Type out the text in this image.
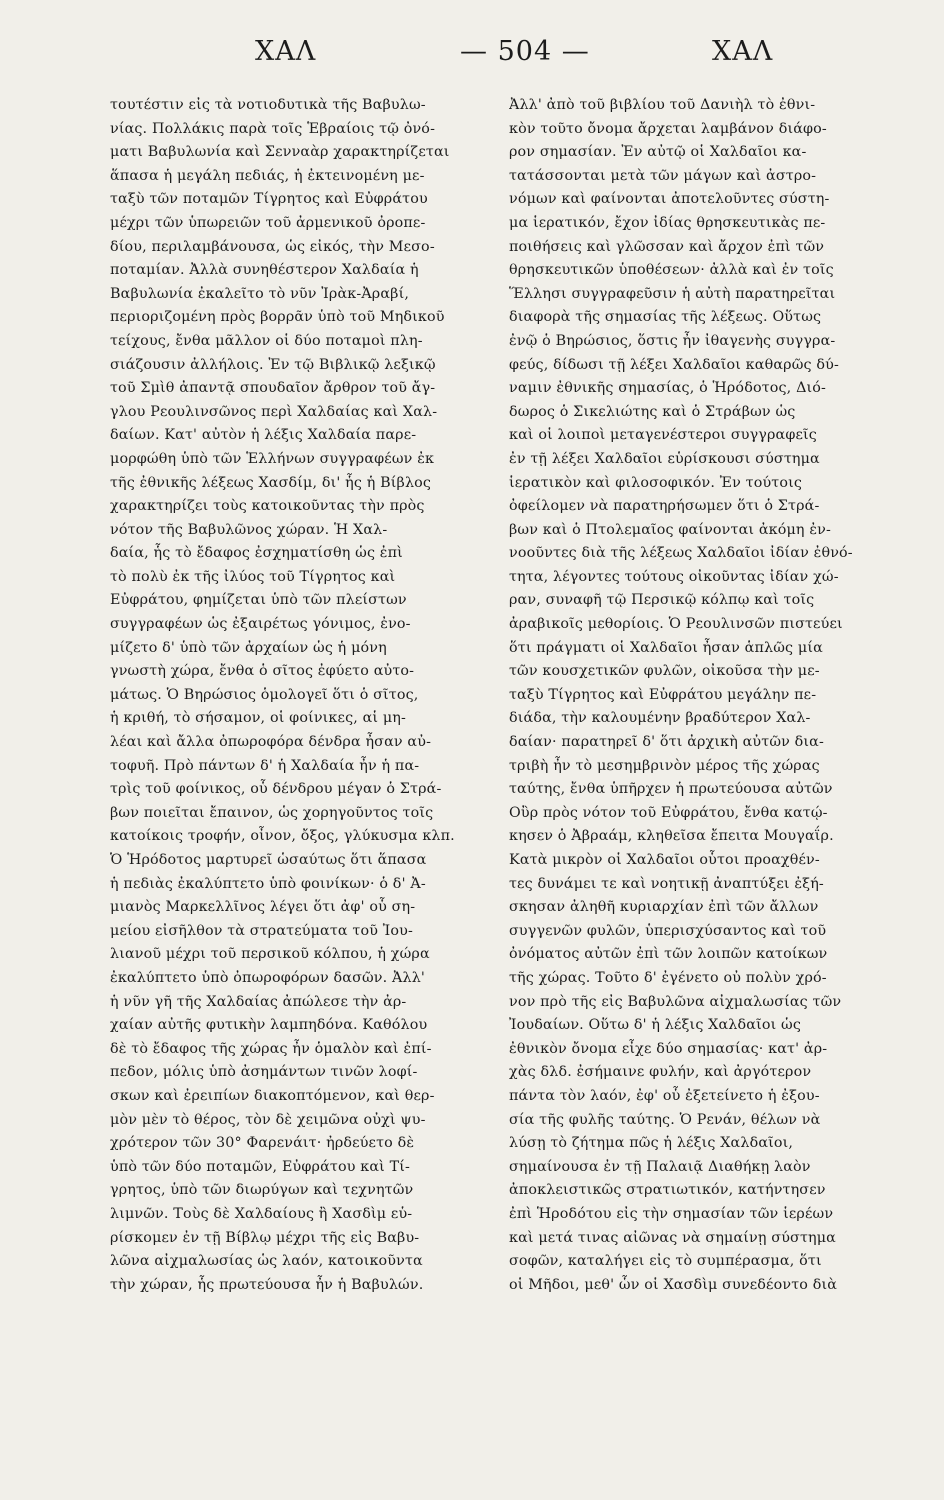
ΧΑΛ	— 504 —	ΧΑΛ
τουτέστιν εἰς τὰ νοτιοδυτικὰ τῆς Βαβυλω-
νίας. Πολλάκις παρὰ τοῖς Ἑβραίοις τῷ ὀνό-
ματι Βαβυλωνία καὶ Σενναὰρ χαρακτηρίζεται
ἅπασα ἡ μεγάλη πεδιάς, ἡ ἐκτεινομένη με-
ταξὺ τῶν ποταμῶν Τίγρητος καὶ Εὐφράτου
μέχρι τῶν ὑπωρειῶν τοῦ ἀρμενικοῦ ὀροπε-
δίου, περιλαμβάνουσα, ὡς εἰκός, τὴν Μεσο-
ποταμίαν. Ἀλλὰ συνηθέστερον Χαλδαία ἡ
Βαβυλωνία ἐκαλεῖτο τὸ νῦν Ἰρὰκ-Ἀραβί,
περιοριζομένη πρὸς βορρᾶν ὑπὸ τοῦ Μηδικοῦ
τείχους, ἔνθα μᾶλλον οἱ δύο ποταμοὶ πλη-
σιάζουσιν ἀλλήλοις. Ἐν τῷ Βιβλικῷ λεξικῷ
τοῦ Σμὶθ ἀπαντᾷ σπουδαῖον ἄρθρον τοῦ ἄγ-
γλου Ρεουλινσῶνος περὶ Χαλδαίας καὶ Χαλ-
δαίων. Κατ' αὐτὸν ἡ λέξις Χαλδαία παρε-
μορφώθη ὑπὸ τῶν Ἑλλήνων συγγραφέων ἐκ
τῆς ἐθνικῆς λέξεως Χασδίμ, δι' ἧς ἡ Βίβλος
χαρακτηρίζει τοὺς κατοικοῦντας τὴν πρὸς
νότον τῆς Βαβυλῶνος χώραν. Ἡ Χαλ-
δαία, ἧς τὸ ἔδαφος ἐσχηματίσθη ὡς ἐπὶ
τὸ πολὺ ἐκ τῆς ἰλύος τοῦ Τίγρητος καὶ
Εὐφράτου, φημίζεται ὑπὸ τῶν πλείστων
συγγραφέων ὡς ἐξαιρέτως γόνιμος, ἐνο-
μίζετο δ' ὑπὸ τῶν ἀρχαίων ὡς ἡ μόνη
γνωστὴ χώρα, ἔνθα ὁ σῖτος ἐφύετο αὐτο-
μάτως. Ὁ Βηρώσιος ὁμολογεῖ ὅτι ὁ σῖτος,
ἡ κριθή, τὸ σήσαμον, οἱ φοίνικες, αἱ μη-
λέαι καὶ ἄλλα ὀπωροφόρα δένδρα ἦσαν αὐ-
τοφυῆ. Πρὸ πάντων δ' ἡ Χαλδαία ἦν ἡ πα-
τρὶς τοῦ φοίνικος, οὗ δένδρου μέγαν ὁ Στρά-
βων ποιεῖται ἔπαινον, ὡς χορηγοῦντος τοῖς
κατοίκοις τροφήν, οἶνον, ὄξος, γλύκυσμα κλπ.
Ὁ Ἡρόδοτος μαρτυρεῖ ὡσαύτως ὅτι ἅπασα
ἡ πεδιὰς ἐκαλύπτετο ὑπὸ φοινίκων· ὁ δ' Ἀ-
μιανὸς Μαρκελλῖνος λέγει ὅτι ἀφ' οὗ ση-
μείου εἰσῆλθον τὰ στρατεύματα τοῦ Ἰου-
λιανοῦ μέχρι τοῦ περσικοῦ κόλπου, ἡ χώρα
ἐκαλύπτετο ὑπὸ ὀπωροφόρων δασῶν. Ἀλλ'
ἡ νῦν γῆ τῆς Χαλδαίας ἀπώλεσε τὴν ἀρ-
χαίαν αὐτῆς φυτικὴν λαμπηδόνα. Καθόλου
δὲ τὸ ἔδαφος τῆς χώρας ἦν ὁμαλὸν καὶ ἐπί-
πεδον, μόλις ὑπὸ ἀσημάντων τινῶν λοφί-
σκων καὶ ἐρειπίων διακοπτόμενον, καὶ θερ-
μὸν μὲν τὸ θέρος, τὸν δὲ χειμῶνα οὐχὶ ψυ-
χρότερον τῶν 30° Φαρενάιτ· ἠρδεύετο δὲ
ὑπὸ τῶν δύο ποταμῶν, Εὐφράτου καὶ Τί-
γρητος, ὑπὸ τῶν διωρύγων καὶ τεχνητῶν
λιμνῶν. Τοὺς δὲ Χαλδαίους ἢ Χασδὶμ εὑ-
ρίσκομεν ἐν τῇ Βίβλῳ μέχρι τῆς εἰς Βαβυ-
λῶνα αἰχμαλωσίας ὡς λαόν, κατοικοῦντα
τὴν χώραν, ἧς πρωτεύουσα ἦν ἡ Βαβυλών.
Ἀλλ' ἀπὸ τοῦ βιβλίου τοῦ Δανιὴλ τὸ ἐθνι-
κὸν τοῦτο ὄνομα ἄρχεται λαμβάνον διάφο-
ρον σημασίαν. Ἐν αὐτῷ οἱ Χαλδαῖοι κα-
τατάσσονται μετὰ τῶν μάγων καὶ ἀστρο-
νόμων καὶ φαίνονται ἀποτελοῦντες σύστη-
μα ἱερατικόν, ἔχον ἰδίας θρησκευτικὰς πε-
ποιθήσεις καὶ γλῶσσαν καὶ ἄρχον ἐπὶ τῶν
θρησκευτικῶν ὑποθέσεων· ἀλλὰ καὶ ἐν τοῖς
Ἕλλησι συγγραφεῦσιν ἡ αὐτὴ παρατηρεῖται
διαφορὰ τῆς σημασίας τῆς λέξεως. Οὕτως
ἐνῷ ὁ Βηρώσιος, ὅστις ἦν ἰθαγενὴς συγγρα-
φεύς, δίδωσι τῇ λέξει Χαλδαῖοι καθαρῶς δύ-
ναμιν ἐθνικῆς σημασίας, ὁ Ἡρόδοτος, Διό-
δωρος ὁ Σικελιώτης καὶ ὁ Στράβων ὡς
καὶ οἱ λοιποὶ μεταγενέστεροι συγγραφεῖς
ἐν τῇ λέξει Χαλδαῖοι εὑρίσκουσι σύστημα
ἱερατικὸν καὶ φιλοσοφικόν. Ἐν τούτοις
ὀφείλομεν νὰ παρατηρήσωμεν ὅτι ὁ Στρά-
βων καὶ ὁ Πτολεμαῖος φαίνονται ἀκόμη ἐν-
νοοῦντες διὰ τῆς λέξεως Χαλδαῖοι ἰδίαν ἐθνό-
τητα, λέγοντες τούτους οἰκοῦντας ἰδίαν χώ-
ραν, συναφῆ τῷ Περσικῷ κόλπῳ καὶ τοῖς
ἀραβικοῖς μεθορίοις. Ὁ Ρεουλινσῶν πιστεύει
ὅτι πράγματι οἱ Χαλδαῖοι ἦσαν ἁπλῶς μία
τῶν κουσχετικῶν φυλῶν, οἰκοῦσα τὴν με-
ταξὺ Τίγρητος καὶ Εὐφράτου μεγάλην πε-
διάδα, τὴν καλουμένην βραδύτερον Χαλ-
δαίαν· παρατηρεῖ δ' ὅτι ἀρχικὴ αὐτῶν δια-
τριβὴ ἦν τὸ μεσημβρινὸν μέρος τῆς χώρας
ταύτης, ἔνθα ὑπῆρχεν ἡ πρωτεύουσα αὐτῶν
Οὒρ πρὸς νότον τοῦ Εὐφράτου, ἔνθα κατῴ-
κησεν ὁ Ἀβραάμ, κληθεῖσα ἔπειτα Μουγαΐρ.
Κατὰ μικρὸν οἱ Χαλδαῖοι οὗτοι προαχθέν-
τες δυνάμει τε καὶ νοητικῇ ἀναπτύξει ἐξή-
σκησαν ἀληθῆ κυριαρχίαν ἐπὶ τῶν ἄλλων
συγγενῶν φυλῶν, ὑπερισχύσαντος καὶ τοῦ
ὀνόματος αὐτῶν ἐπὶ τῶν λοιπῶν κατοίκων
τῆς χώρας. Τοῦτο δ' ἐγένετο οὐ πολὺν χρό-
νον πρὸ τῆς εἰς Βαβυλῶνα αἰχμαλωσίας τῶν
Ἰουδαίων. Οὕτω δ' ἡ λέξις Χαλδαῖοι ὡς
ἐθνικὸν ὄνομα εἶχε δύο σημασίας· κατ' ἀρ-
χὰς δλδ. ἐσήμαινε φυλήν, καὶ ἀργότερον
πάντα τὸν λαόν, ἐφ' οὗ ἐξετείνετο ἡ ἐξου-
σία τῆς φυλῆς ταύτης. Ὁ Ρενάν, θέλων νὰ
λύσῃ τὸ ζήτημα πῶς ἡ λέξις Χαλδαῖοι,
σημαίνουσα ἐν τῇ Παλαιᾷ Διαθήκῃ λαὸν
ἀποκλειστικῶς στρατιωτικόν, κατήντησεν
ἐπὶ Ἡροδότου εἰς τὴν σημασίαν τῶν ἱερέων
καὶ μετά τινας αἰῶνας νὰ σημαίνῃ σύστημα
σοφῶν, καταλήγει εἰς τὸ συμπέρασμα, ὅτι
οἱ Μῆδοι, μεθ' ὧν οἱ Χασδὶμ συνεδέοντο διὰ
